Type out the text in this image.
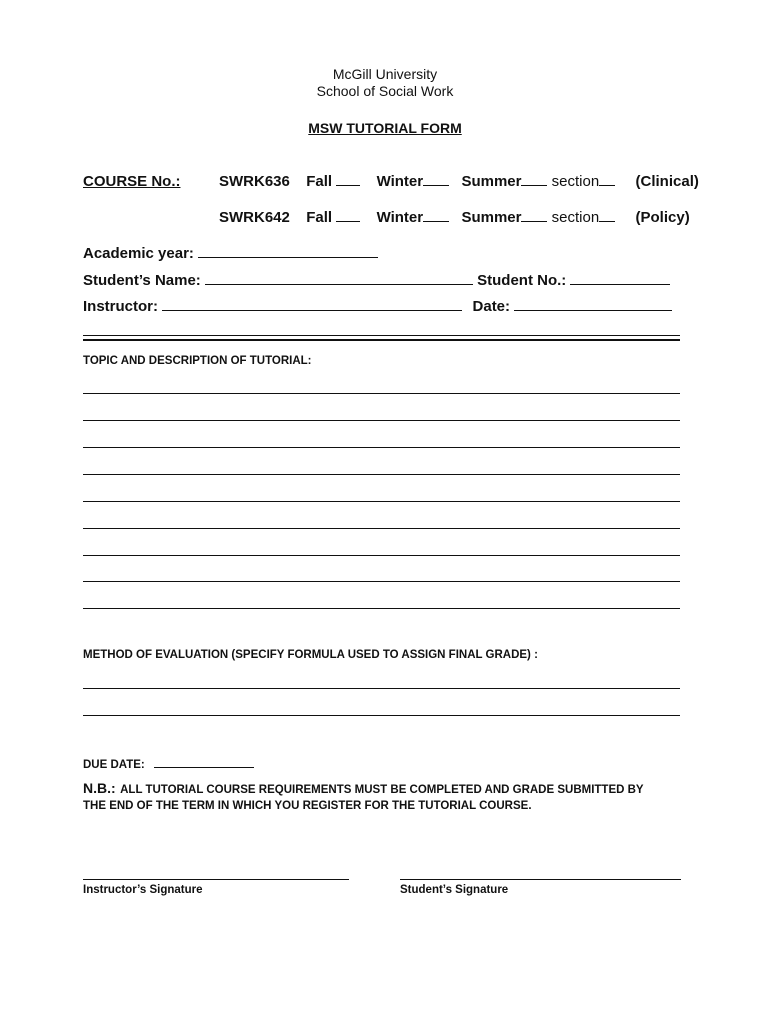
McGill University
School of Social Work
MSW TUTORIAL FORM
COURSE No.:	SWRK636 Fall	Winter	Summer section (Clinical)
SWRK642 Fall	Winter	Summer section (Policy)
Academic year:
Student’s Name:	Student No.:
Instructor:	Date:
TOPIC AND DESCRIPTION OF TUTORIAL:
METHOD OF EVALUATION (SPECIFY FORMULA USED TO ASSIGN FINAL GRADE) :
DUE DATE:
N.B.: ALL TUTORIAL COURSE REQUIREMENTS MUST BE COMPLETED AND GRADE SUBMITTED BY
THE END OF THE TERM IN WHICH YOU REGISTER FOR THE TUTORIAL COURSE.
Instructor’s Signature	Student’s Signature
